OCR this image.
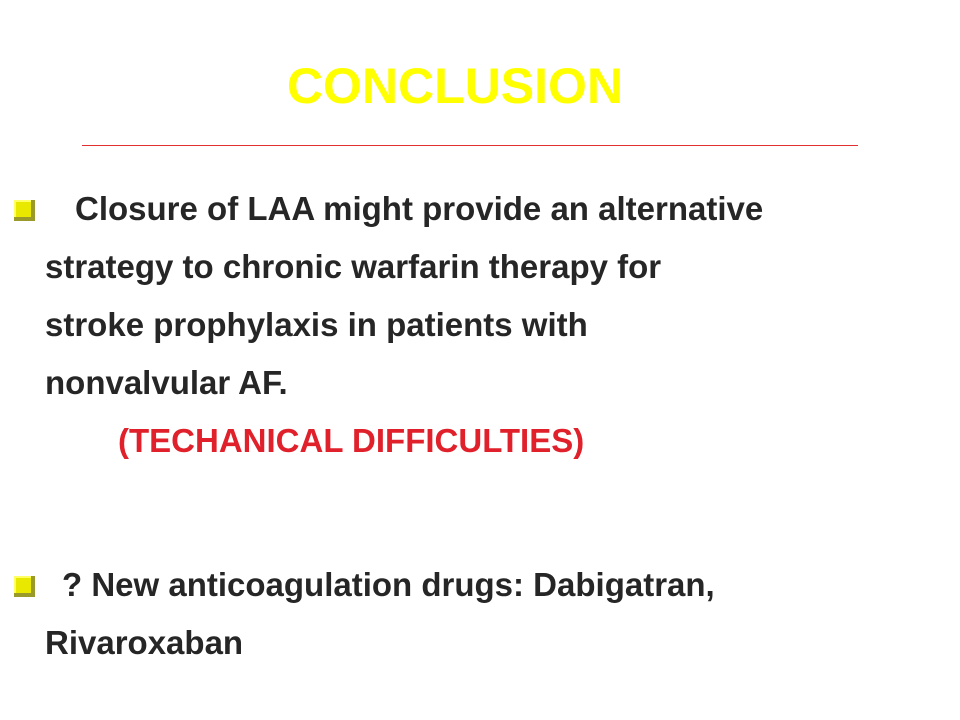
CONCLUSION

Closure of LAA might provide an alternative

strategy to chronic warfarin therapy for

stroke prophylaxis in patients with

nonvalvular AF.

(TECHANICAL DIFFICULTIES)

? New anticoagulation drugs: Dabigatran,

Rivaroxaban
